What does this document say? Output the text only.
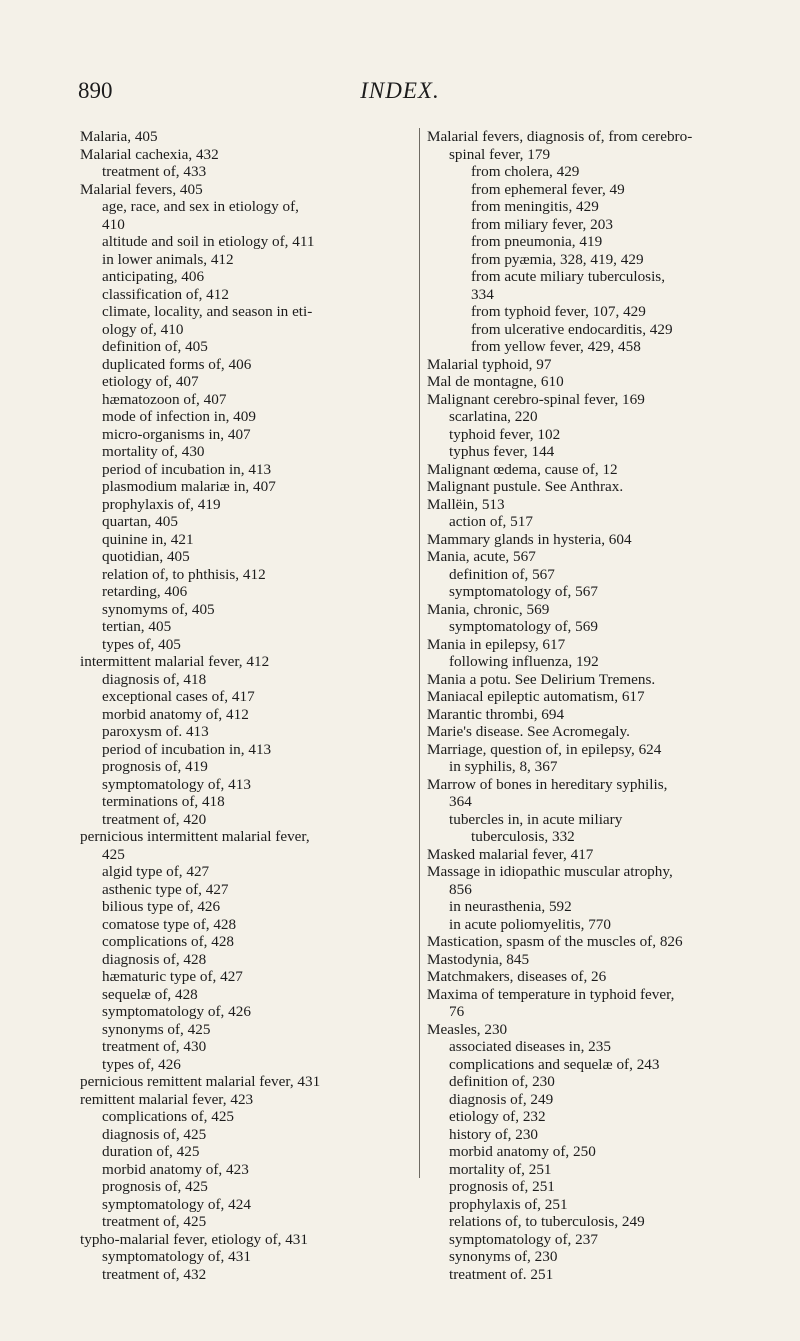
890	INDEX.
Malaria, 405
Malarial cachexia, 432
treatment of, 433
Malarial fevers, 405
age, race, and sex in etiology of,
410
altitude and soil in etiology of, 411
in lower animals, 412
anticipating, 406
classification of, 412
climate, locality, and season in eti-
ology of, 410
definition of, 405
duplicated forms of, 406
etiology of, 407
hæmatozoon of, 407
mode of infection in, 409
micro-organisms in, 407
mortality of, 430
period of incubation in, 413
plasmodium malariæ in, 407
prophylaxis of, 419
quartan, 405
quinine in, 421
quotidian, 405
relation of, to phthisis, 412
retarding, 406
synomyms of, 405
tertian, 405
types of, 405
intermittent malarial fever, 412
diagnosis of, 418
exceptional cases of, 417
morbid anatomy of, 412
paroxysm of. 413
period of incubation in, 413
prognosis of, 419
symptomatology of, 413
terminations of, 418
treatment of, 420
pernicious intermittent malarial fever,
425
algid type of, 427
asthenic type of, 427
bilious type of, 426
comatose type of, 428
complications of, 428
diagnosis of, 428
hæmaturic type of, 427
sequelæ of, 428
symptomatology of, 426
synonyms of, 425
treatment of, 430
types of, 426
pernicious remittent malarial fever, 431
remittent malarial fever, 423
complications of, 425
diagnosis of, 425
duration of, 425
morbid anatomy of, 423
prognosis of, 425
symptomatology of, 424
treatment of, 425
typho-malarial fever, etiology of, 431
symptomatology of, 431
treatment of, 432
Malarial fevers, diagnosis of, from cerebro-
spinal fever, 179
from cholera, 429
from ephemeral fever, 49
from meningitis, 429
from miliary fever, 203
from pneumonia, 419
from pyæmia, 328, 419, 429
from acute miliary tuberculosis,
334
from typhoid fever, 107, 429
from ulcerative endocarditis, 429
from yellow fever, 429, 458
Malarial typhoid, 97
Mal de montagne, 610
Malignant cerebro-spinal fever, 169
scarlatina, 220
typhoid fever, 102
typhus fever, 144
Malignant œdema, cause of, 12
Malignant pustule. See Anthrax.
Mallëin, 513
action of, 517
Mammary glands in hysteria, 604
Mania, acute, 567
definition of, 567
symptomatology of, 567
Mania, chronic, 569
symptomatology of, 569
Mania in epilepsy, 617
following influenza, 192
Mania a potu. See Delirium Tremens.
Maniacal epileptic automatism, 617
Marantic thrombi, 694
Marie's disease. See Acromegaly.
Marriage, question of, in epilepsy, 624
in syphilis, 8, 367
Marrow of bones in hereditary syphilis,
364
tubercles in, in acute miliary
tuberculosis, 332
Masked malarial fever, 417
Massage in idiopathic muscular atrophy,
856
in neurasthenia, 592
in acute poliomyelitis, 770
Mastication, spasm of the muscles of, 826
Mastodynia, 845
Matchmakers, diseases of, 26
Maxima of temperature in typhoid fever,
76
Measles, 230
associated diseases in, 235
complications and sequelæ of, 243
definition of, 230
diagnosis of, 249
etiology of, 232
history of, 230
morbid anatomy of, 250
mortality of, 251
prognosis of, 251
prophylaxis of, 251
relations of, to tuberculosis, 249
symptomatology of, 237
synonyms of, 230
treatment of. 251
